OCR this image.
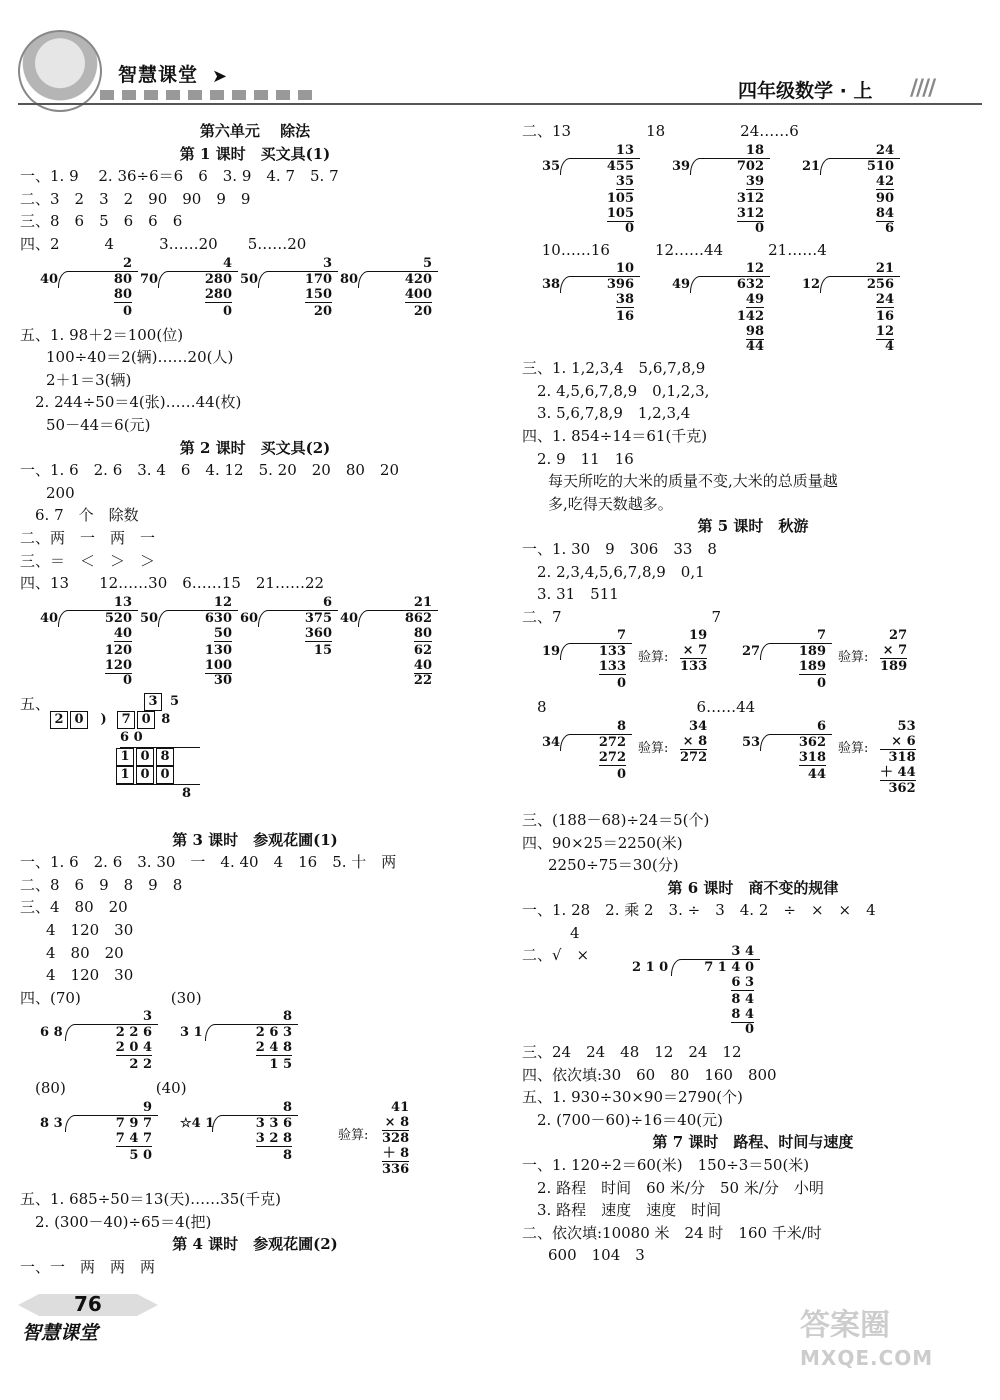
智慧课堂 ➤
四年级数学 · 上 ////
第六单元　 除法
第 1 课时　买文具(1)
一、1. 9　 2. 36÷6＝6　6　3. 9　4. 7　5. 7
二、3　2　3　2　90　90　9　9
三、8　6　5　6　6　6
四、2　　　4　　　3……20　　5……20
2
40	80
80
0
4
70	280
280
0
3
50	170
150
20
5
80	420
400
20
五、1. 98＋2＝100(位)
100÷40＝2(辆)……20(人)
2＋1＝3(辆)
　2. 244÷50＝4(张)……44(枚)
50－44＝6(元)
第 2 课时　买文具(2)
一、1. 6　2. 6　3. 4　6　4. 12　5. 20　20　80　20
200
　6. 7　个　除数
二、两　一　两　一
三、＝　＜　＞　＞
四、13　　12……30　6……15　21……22
13
40	520
40
120
120
0
12
50	630
50
130
100
30
6
60	375
360
15
21
40	862
80
62
40
22
五、	3 5
2 0 ) 7 0 8
6 0
1 0 8
1 0 0
8
第 3 课时　参观花圃(1)
一、1. 6　2. 6　3. 30　一　4. 40　4　16　5. 十　两
二、8　6　9　8　9　8
三、4　80　20
4　120　30
4　80　20
4　120　30
四、(70)　　　　　　(30)
3
6 8	2 2 6
2 0 4
2 2
8
3 1	2 6 3
2 4 8
1 5
　(80)　　　　　　(40)
9
8 3	7 9 7
7 4 7
5 0
8
☆4 1	3 3 6
3 2 8
8
验算:
41
× 8
328
＋ 8
336
五、1. 685÷50＝13(天)……35(千克)
　2. (300－40)÷65＝4(把)
第 4 课时　参观花圃(2)
一、一　两　两　两
二、13　　　　　18　　　　　24……6
13
35	455
35
105
105
0
18
39	702
39
312
312
0
24
21	510
42
90
84
6
　 10……16　　　12……44　　　21……4
10
38	396
38
16
12
49	632
49
142
98
44
21
12	256
24
16
12
4
三、1. 1,2,3,4　5,6,7,8,9
　2. 4,5,6,7,8,9　0,1,2,3,
　3. 5,6,7,8,9　1,2,3,4
四、1. 854÷14＝61(千克)
　2. 9　11　16
每天所吃的大米的质量不变,大米的总质量越
多,吃得天数越多。
第 5 课时　秋游
一、1. 30　9　306　33　8
　2. 2,3,4,5,6,7,8,9　0,1
　3. 31　511
二、7　　　　　　　　　　7
7
19	133
133
0
验算:
19
× 7
133
7
27	189
189
0
验算:
27
× 7
189
　8　　　　　　　　　　6……44
8
34	272
272
0
验算:
34
× 8
272
6
53	362
318
44
验算:
53
× 6
318
＋ 44
362
三、(188－68)÷24＝5(个)
四、90×25＝2250(米)
2250÷75＝30(分)
第 6 课时　商不变的规律
一、1. 28　2. 乘 2　3. ÷　3　4. 2　÷　×　×　4
4
二、√　×	3 4
2 1 0	7 1 4 0
6 3
8 4
8 4
0
三、24　24　48　12　24　12
四、依次填:30　60　80　160　800
五、1. 930÷30×90＝2790(个)
　2. (700－60)÷16＝40(元)
第 7 课时　路程、时间与速度
一、1. 120÷2＝60(米)　150÷3＝50(米)
　2. 路程　时间　60 米/分　50 米/分　小明
　3. 路程　速度　速度　时间
二、依次填:10080 米　24 时　160 千米/时
600　104　3
76
智慧课堂	答案圈
MXQE.COM
